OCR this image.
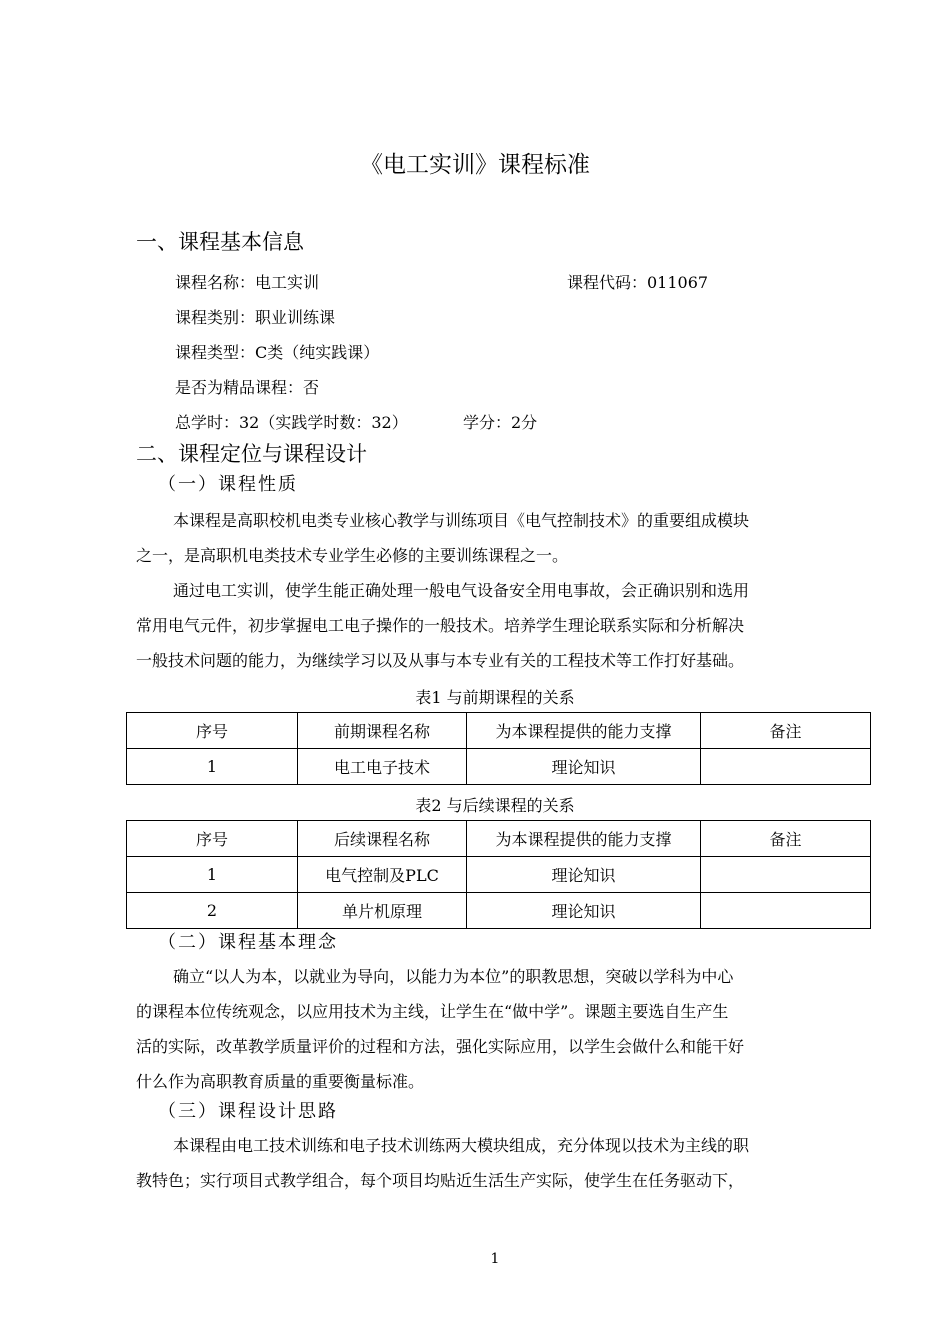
《电工实训》课程标准
一、课程基本信息
课程名称：电工实训	课程代码：011067
课程类别：职业训练课
课程类型：C类（纯实践课）
是否为精品课程：否
总学时：32（实践学时数：32）	学分：2分
二、课程定位与课程设计
（一）课程性质
本课程是高职校机电类专业核心教学与训练项目《电气控制技术》的重要组成模块
之一，是高职机电类技术专业学生必修的主要训练课程之一。
通过电工实训，使学生能正确处理一般电气设备安全用电事故，会正确识别和选用
常用电气元件，初步掌握电工电子操作的一般技术。培养学生理论联系实际和分析解决
一般技术问题的能力，为继续学习以及从事与本专业有关的工程技术等工作打好基础。
表1 与前期课程的关系
序号	前期课程名称	为本课程提供的能力支撑	备注
1	电工电子技术	理论知识	
表2 与后续课程的关系
序号	后续课程名称	为本课程提供的能力支撑	备注
1	电气控制及PLC	理论知识	
2	单片机原理	理论知识	
（二）课程基本理念
确立“以人为本，以就业为导向，以能力为本位”的职教思想，突破以学科为中心
的课程本位传统观念，以应用技术为主线，让学生在“做中学”。课题主要选自生产生
活的实际，改革教学质量评价的过程和方法，强化实际应用，以学生会做什么和能干好
什么作为高职教育质量的重要衡量标准。
（三）课程设计思路
本课程由电工技术训练和电子技术训练两大模块组成，充分体现以技术为主线的职
教特色；实行项目式教学组合，每个项目均贴近生活生产实际，使学生在任务驱动下，
1
